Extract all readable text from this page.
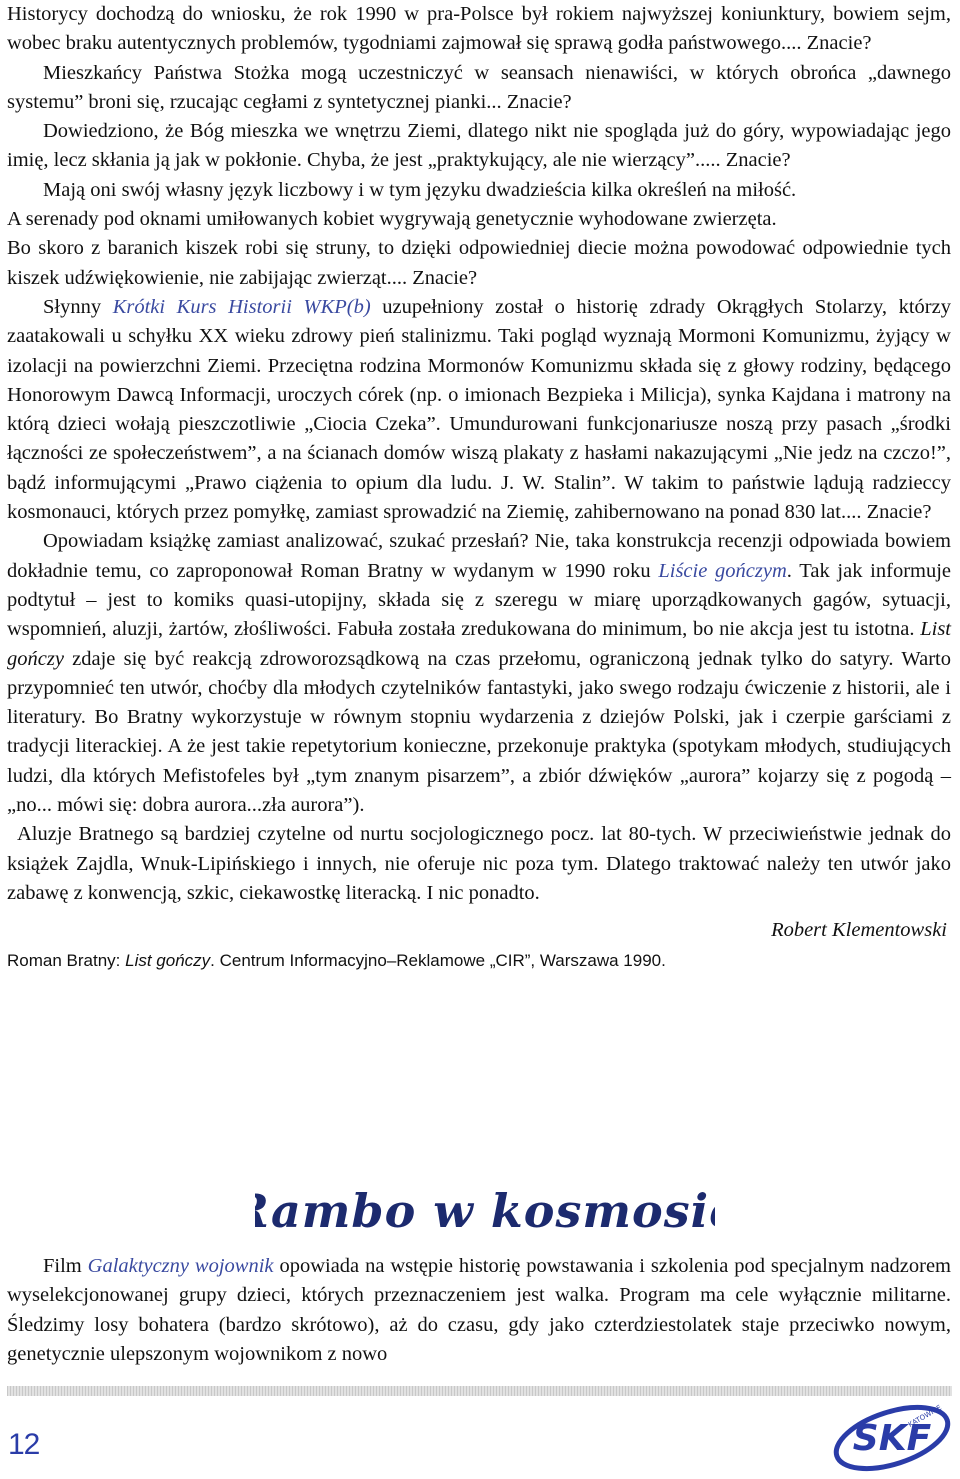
Historycy dochodzą do wniosku, że rok 1990 w pra-Polsce był rokiem najwyższej koniunktury, bowiem sejm, wobec braku autentycznych problemów, tygodniami zajmował się sprawą godła państwowego.... Znacie?

Mieszkańcy Państwa Stożka mogą uczestniczyć w seansach nienawiści, w których obrońca „dawnego systemu” broni się, rzucając cegłami z syntetycznej pianki... Znacie?

Dowiedziono, że Bóg mieszka we wnętrzu Ziemi, dlatego nikt nie spogląda już do góry, wypowiadając jego imię, lecz skłania ją jak w pokłonie. Chyba, że jest „praktykujący, ale nie wierzący”..... Znacie?

Mają oni swój własny język liczbowy i w tym języku dwadzieścia kilka określeń na miłość.

A serenady pod oknami umiłowanych kobiet wygrywają genetycznie wyhodowane zwierzęta.

Bo skoro z baranich kiszek robi się struny, to dzięki odpowiedniej diecie można powodować odpowiednie tych kiszek udźwiękowienie, nie zabijając zwierząt.... Znacie?

Słynny Krótki Kurs Historii WKP(b) uzupełniony został o historię zdrady Okrągłych Stolarzy, którzy zaatakowali u schyłku XX wieku zdrowy pień stalinizmu. Taki pogląd wyznają Mormoni Komunizmu, żyjący w izolacji na powierzchni Ziemi. Przeciętna rodzina Mormonów Komunizmu składa się z głowy rodziny, będącego Honorowym Dawcą Informacji, uroczych córek (np. o imionach Bezpieka i Milicja), synka Kajdana i matrony na którą dzieci wołają pieszczotliwie „Ciocia Czeka”. Umundurowani funkcjonariusze noszą przy pasach „środki łączności ze społeczeństwem”, a na ścianach domów wiszą plakaty z hasłami nakazującymi „Nie jedz na czczo!”, bądź informującymi „Prawo ciążenia to opium dla ludu. J. W. Stalin”. W takim to państwie lądują radzieccy kosmonauci, których przez pomyłkę, zamiast sprowadzić na Ziemię, zahibernowano na ponad 830 lat.... Znacie?

Opowiadam książkę zamiast analizować, szukać przesłań? Nie, taka konstrukcja recenzji odpowiada bowiem dokładnie temu, co zaproponował Roman Bratny w wydanym w 1990 roku Liście gończym. Tak jak informuje podtytuł – jest to komiks quasi-utopijny, składa się z szeregu w miarę uporządkowanych gagów, sytuacji, wspomnień, aluzji, żartów, złośliwości. Fabuła została zredukowana do minimum, bo nie akcja jest tu istotna. List gończy zdaje się być reakcją zdroworozsądkową na czas przełomu, ograniczoną jednak tylko do satyry. Warto przypomnieć ten utwór, choćby dla młodych czytelników fantastyki, jako swego rodzaju ćwiczenie z historii, ale i literatury. Bo Bratny wykorzystuje w równym stopniu wydarzenia z dziejów Polski, jak i czerpie garściami z tradycji literackiej. A że jest takie repetytorium konieczne, przekonuje praktyka (spotykam młodych, studiujących ludzi, dla których Mefistofeles był „tym znanym pisarzem”, a zbiór dźwięków „aurora” kojarzy się z pogodą – „no... mówi się: dobra aurora...zła aurora”).

Aluzje Bratnego są bardziej czytelne od nurtu socjologicznego pocz. lat 80-tych. W przeciwieństwie jednak do książek Zajdla, Wnuk-Lipińskiego i innych, nie oferuje nic poza tym. Dlatego traktować należy ten utwór jako zabawę z konwencją, szkic, ciekawostkę literacką. I nic ponadto.

Robert Klementowski
Roman Bratny: List gończy. Centrum Informacyjno–Reklamowe „CIR”, Warszawa 1990.
Rambo w kosmosie

Film Galaktyczny wojownik opowiada na wstępie historię powstawania i szkolenia pod specjalnym nadzorem wyselekcjonowanej grupy dzieci, których przeznaczeniem jest walka. Program ma cele wyłącznie militarne. Śledzimy losy bohatera (bardzo skrótowo), aż do czasu, gdy jako czterdziestolatek staje przeciwko nowym, genetycznie ulepszonym wojownikom z nowo

12	SKF
KATOWICE
